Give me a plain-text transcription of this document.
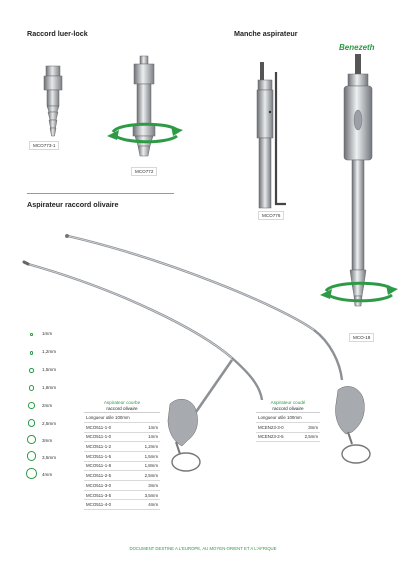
Raccord luer-lock	Manche aspirateur
Benezeth
MCO773-1
MCO772
MCO776
MCO-18
Aspirateur raccord olivaire
1mm
1,2mm
1,5mm
1,8mm
2mm
2,5mm
3mm
3,5mm
4mm
Aspirateur courbe
raccord olivaire
Longueur utile 100mm	
MCO511-1-0	1mm
MCO511-1-0	1mm
MCO511-1-2	1,2mm
MCO511-1-5	1,5mm
MCO511-1-8	1,8mm
MCO511-2-5	2,5mm
MCO511-3-0	3mm
MCO511-3-5	3,5mm
MCO511-4-0	4mm
Aspirateur coudé
raccord olivaire
Longueur utile 100mm	
MCEN23-3-0	3mm
MCEN23-2-5	2,5mm
DOCUMENT DESTINE A L'EUROPE, AU MOYEN-ORIENT ET A L'AFRIQUE
